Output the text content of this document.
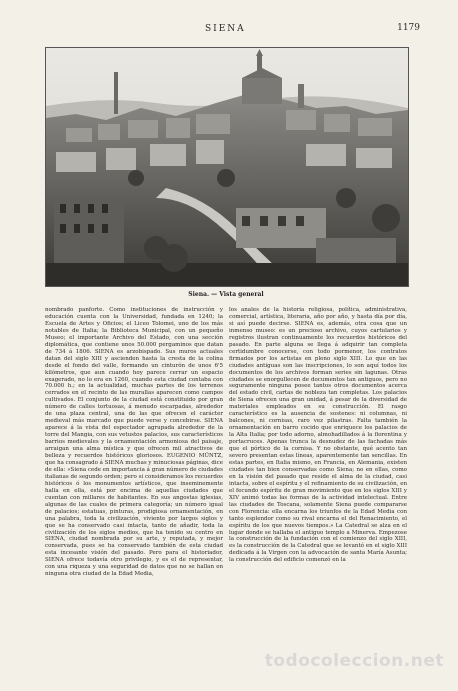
SIENA	1179
Siena. — Vista general

nombrado panforte. Como instituciones de instrucción y educación cuenta con la Universidad, fundada en 1240; la Escuela de Artes y Oficios; el Liceo Tolomei, uno de los más notables de Italia; la Biblioteca Municipal, con un pequeño Museo; el importante Archivo del Estado, con una sección diplomática, que contiene unos 50.000 pergaminos que datan de 734 á 1806. SIENA es arzobispado. Sus muros actuales datan del siglo XIII y ascienden hasta la cresta de la colina desde el fondo del valle, formando un cinturón de unos 6'5 kilómetros, que aun cuando hoy parece cerrar un espacio exagerado, no lo era en 1260, cuando esta ciudad contaba con 70.000 h.; en la actualidad, muchas partes de los terrenos cerrados en el recinto de las murallas aparecen como campos cultivados. El conjunto de la ciudad está constituido por gran número de calles tortuosas, á menudo escarpadas, alrededor de una plaza central, una de las que ofrecen el carácter medieval más marcado que puede verse y concebirse. SIENA aparece á la vista del espectador agrupada alrededor de la torre del Mangia, con sus vetustos palacios, sus característicos barrios medievales y la ornamentación armoniosa del paisaje, arraigan una alma mística y que ofrecen mil atractivos de belleza y recuerdos históricos gloriosos. EUGENIO MÜNTZ, que ha consagrado á SIENA muchas y minuciosas páginas, dice de ella: «Siena cede en importancia á gran número de ciudades italianas de segundo orden; pero si consideramos los recuerdos históricos ó los monumentos artísticos, que inseminemente halla en ella, está por encima de aquellas ciudades que cuentan con millares de habitantes. En sus angostas iglesias, algunas de las cuales de primera categoría; un número igual de palacios; estatuas, pinturas, prodigiosa ornamentación, en una palabra, toda la civilización, viviente por largos siglos y que se ha conservado casi intacta, tanto de añadir, toda la civilización de los siglos medios, que ha tenido su centro en SIENA, ciudad nombrada por su arte, y reputada, y mejor conservada, pues se ha conservado también de esta ciudad esta incesante visión del pasado. Pero para el historiador, SIENA ofrece todavía otro privilegio, y es el de representar, con una riqueza y una seguridad de datos que no se hallan en ninguna otra ciudad de la Edad Media,

los anales de la historia religiosa, política, administrativa, comercial, artística, literaria, año por año, y hasta día por día, si así puede decirse. SIENA es, además, otra cosa que un inmenso museo: es un precioso archivo, cuyos cartularios y registros ilustran continuamente los recuerdos históricos del pasado. En parte alguna se llega á adquirir tan completa certidumbre conocerse, con todo pormenor, los contratos firmados por los artistas en pleno siglo XIII. Lo que en las ciudades antiguas son las inscripciones, lo son aquí todos los documentos de los archivos forman series sin lagunas. Otras ciudades se enorgullecen de documentos tan antiguos, pero no seguramente ninguna posee tantos otros documentos acerca del estado civil, cartas de nobleza tan completas. Los palacios de Siena ofrecen una gran unidad, á pesar de la diversidad de materiales empleados en su construcción. El rasgo característico es la ausencia de sostenes: ni columnas, ni balcones, ni cornisas, raro vez pilastras. Falta también la ornamentación en barro cocido que enriquece los palacios de la Alta Italia; por todo adorno, almohadillados á la florentina y portacruces. Apenas trunca la desnudez de las fachadas más que el pórtico de la cornisa. Y no obstante, qué acento tan severo presentan estas líneas, aparentemente tan sencillas. En estas partes, en Italia mismo, en Francia, en Alemania, existen ciudades tan bien conservadas como Siena; no en ellas, como en la visión del pasado que reside el alma de la ciudad, casi intacta, sobre el espíritu y el refinamiento de su civilización, en el fecundo espíritu de gran movimiento que en los siglos XIII y XIV animó todas las formas de la actividad intelectual. Entre las ciudades de Toscana, solamente Siena puede compararse con Florencia: ella encarna los triunfos de la Edad Media con tanto esplendor como su rival encarna el del Renacimiento, el espíritu de los que nuevos tiempos.» La Catedral se alza en el lugar donde se hallaba el antiguo templo a Minerva. Empezose la construcción de la fundación con el comienzo del siglo XIII, es la construcción de la Catedral que se levantó en el siglo XIII dedicada á la Virgen con la advocación de santa María Asunta; la construcción del edificio comenzó en la

todocoleccion.net
